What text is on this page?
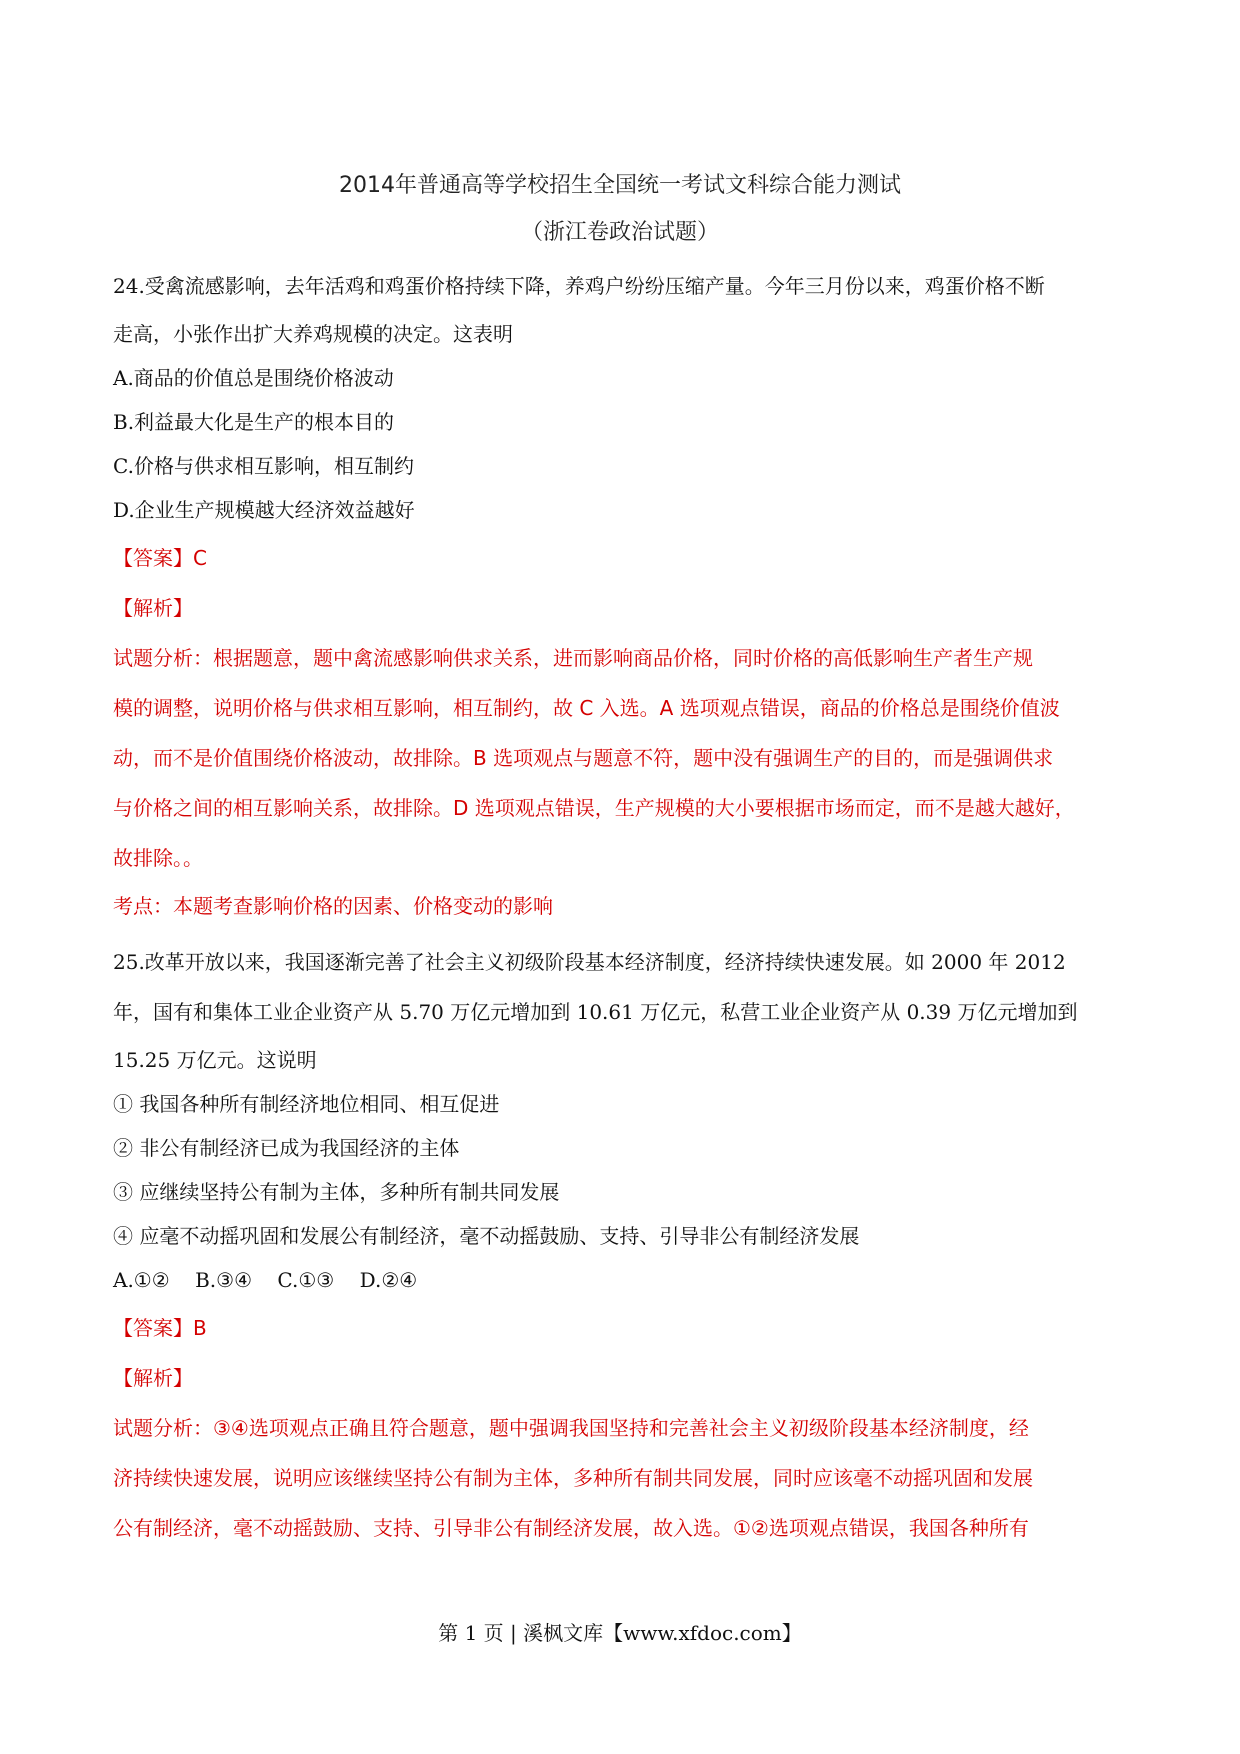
2014年普通高等学校招生全国统一考试文科综合能力测试
（浙江卷政治试题）
24.受禽流感影响，去年活鸡和鸡蛋价格持续下降，养鸡户纷纷压缩产量。今年三月份以来，鸡蛋价格不断
走高，小张作出扩大养鸡规模的决定。这表明
A.商品的价值总是围绕价格波动
B.利益最大化是生产的根本目的
C.价格与供求相互影响，相互制约
D.企业生产规模越大经济效益越好
【答案】C
【解析】
试题分析：根据题意，题中禽流感影响供求关系，进而影响商品价格，同时价格的高低影响生产者生产规
模的调整，说明价格与供求相互影响，相互制约，故 C 入选。A 选项观点错误，商品的价格总是围绕价值波
动，而不是价值围绕价格波动，故排除。B 选项观点与题意不符，题中没有强调生产的目的，而是强调供求
与价格之间的相互影响关系，故排除。D 选项观点错误，生产规模的大小要根据市场而定，而不是越大越好，
故排除。。
考点：本题考查影响价格的因素、价格变动的影响
25.改革开放以来，我国逐渐完善了社会主义初级阶段基本经济制度，经济持续快速发展。如 2000 年 2012
年，国有和集体工业企业资产从 5.70 万亿元增加到 10.61 万亿元，私营工业企业资产从 0.39 万亿元增加到
15.25 万亿元。这说明
① 我国各种所有制经济地位相同、相互促进
② 非公有制经济已成为我国经济的主体
③ 应继续坚持公有制为主体，多种所有制共同发展
④ 应毫不动摇巩固和发展公有制经济，毫不动摇鼓励、支持、引导非公有制经济发展
A.①②    B.③④    C.①③    D.②④
【答案】B
【解析】
试题分析：③④选项观点正确且符合题意，题中强调我国坚持和完善社会主义初级阶段基本经济制度，经
济持续快速发展，说明应该继续坚持公有制为主体，多种所有制共同发展，同时应该毫不动摇巩固和发展
公有制经济，毫不动摇鼓励、支持、引导非公有制经济发展，故入选。①②选项观点错误，我国各种所有
第 1 页 | 溪枫文库【www.xfdoc.com】
